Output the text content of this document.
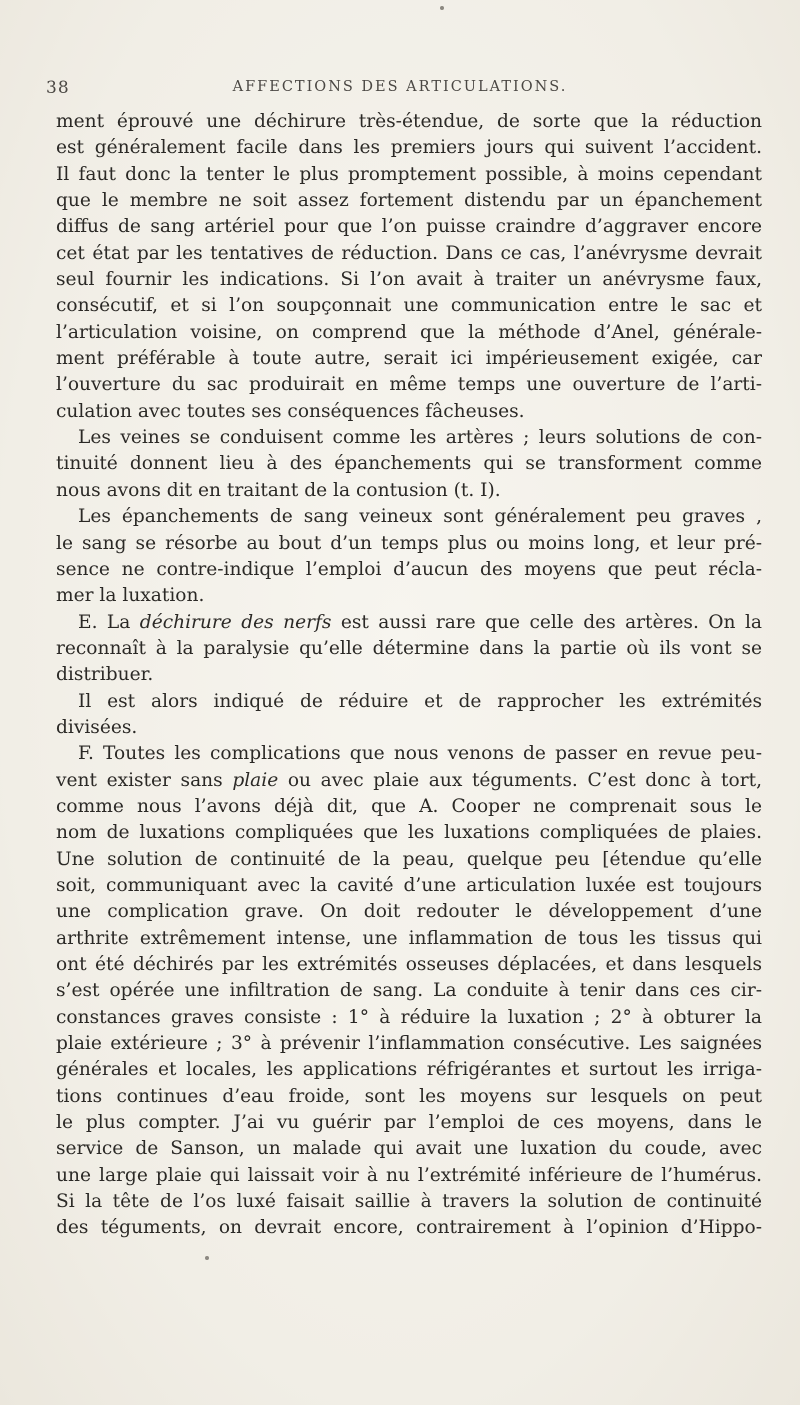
38	AFFECTIONS DES ARTICULATIONS.
ment éprouvé une déchirure très-étendue, de sorte que la réduction
est généralement facile dans les premiers jours qui suivent l’accident.
Il faut donc la tenter le plus promptement possible, à moins cependant
que le membre ne soit assez fortement distendu par un épanchement
diffus de sang artériel pour que l’on puisse craindre d’aggraver encore
cet état par les tentatives de réduction. Dans ce cas, l’anévrysme devrait
seul fournir les indications. Si l’on avait à traiter un anévrysme faux,
consécutif, et si l’on soupçonnait une communication entre le sac et
l’articulation voisine, on comprend que la méthode d’Anel, générale-
ment préférable à toute autre, serait ici impérieusement exigée, car
l’ouverture du sac produirait en même temps une ouverture de l’arti-
culation avec toutes ses conséquences fâcheuses.
Les veines se conduisent comme les artères ; leurs solutions de con-
tinuité donnent lieu à des épanchements qui se transforment comme
nous avons dit en traitant de la contusion (t. I).
Les épanchements de sang veineux sont généralement peu graves ,
le sang se résorbe au bout d’un temps plus ou moins long, et leur pré-
sence ne contre-indique l’emploi d’aucun des moyens que peut récla-
mer la luxation.
E. La déchirure des nerfs est aussi rare que celle des artères. On la
reconnaît à la paralysie qu’elle détermine dans la partie où ils vont se
distribuer.
Il est alors indiqué de réduire et de rapprocher les extrémités
divisées.
F. Toutes les complications que nous venons de passer en revue peu-
vent exister sans plaie ou avec plaie aux téguments. C’est donc à tort,
comme nous l’avons déjà dit, que A. Cooper ne comprenait sous le
nom de luxations compliquées que les luxations compliquées de plaies.
Une solution de continuité de la peau, quelque peu [étendue qu’elle
soit, communiquant avec la cavité d’une articulation luxée est toujours
une complication grave. On doit redouter le développement d’une
arthrite extrêmement intense, une inflammation de tous les tissus qui
ont été déchirés par les extrémités osseuses déplacées, et dans lesquels
s’est opérée une infiltration de sang. La conduite à tenir dans ces cir-
constances graves consiste : 1° à réduire la luxation ; 2° à obturer la
plaie extérieure ; 3° à prévenir l’inflammation consécutive. Les saignées
générales et locales, les applications réfrigérantes et surtout les irriga-
tions continues d’eau froide, sont les moyens sur lesquels on peut
le plus compter. J’ai vu guérir par l’emploi de ces moyens, dans le
service de Sanson, un malade qui avait une luxation du coude, avec
une large plaie qui laissait voir à nu l’extrémité inférieure de l’humérus.
Si la tête de l’os luxé faisait saillie à travers la solution de continuité
des téguments, on devrait encore, contrairement à l’opinion d’Hippo-
